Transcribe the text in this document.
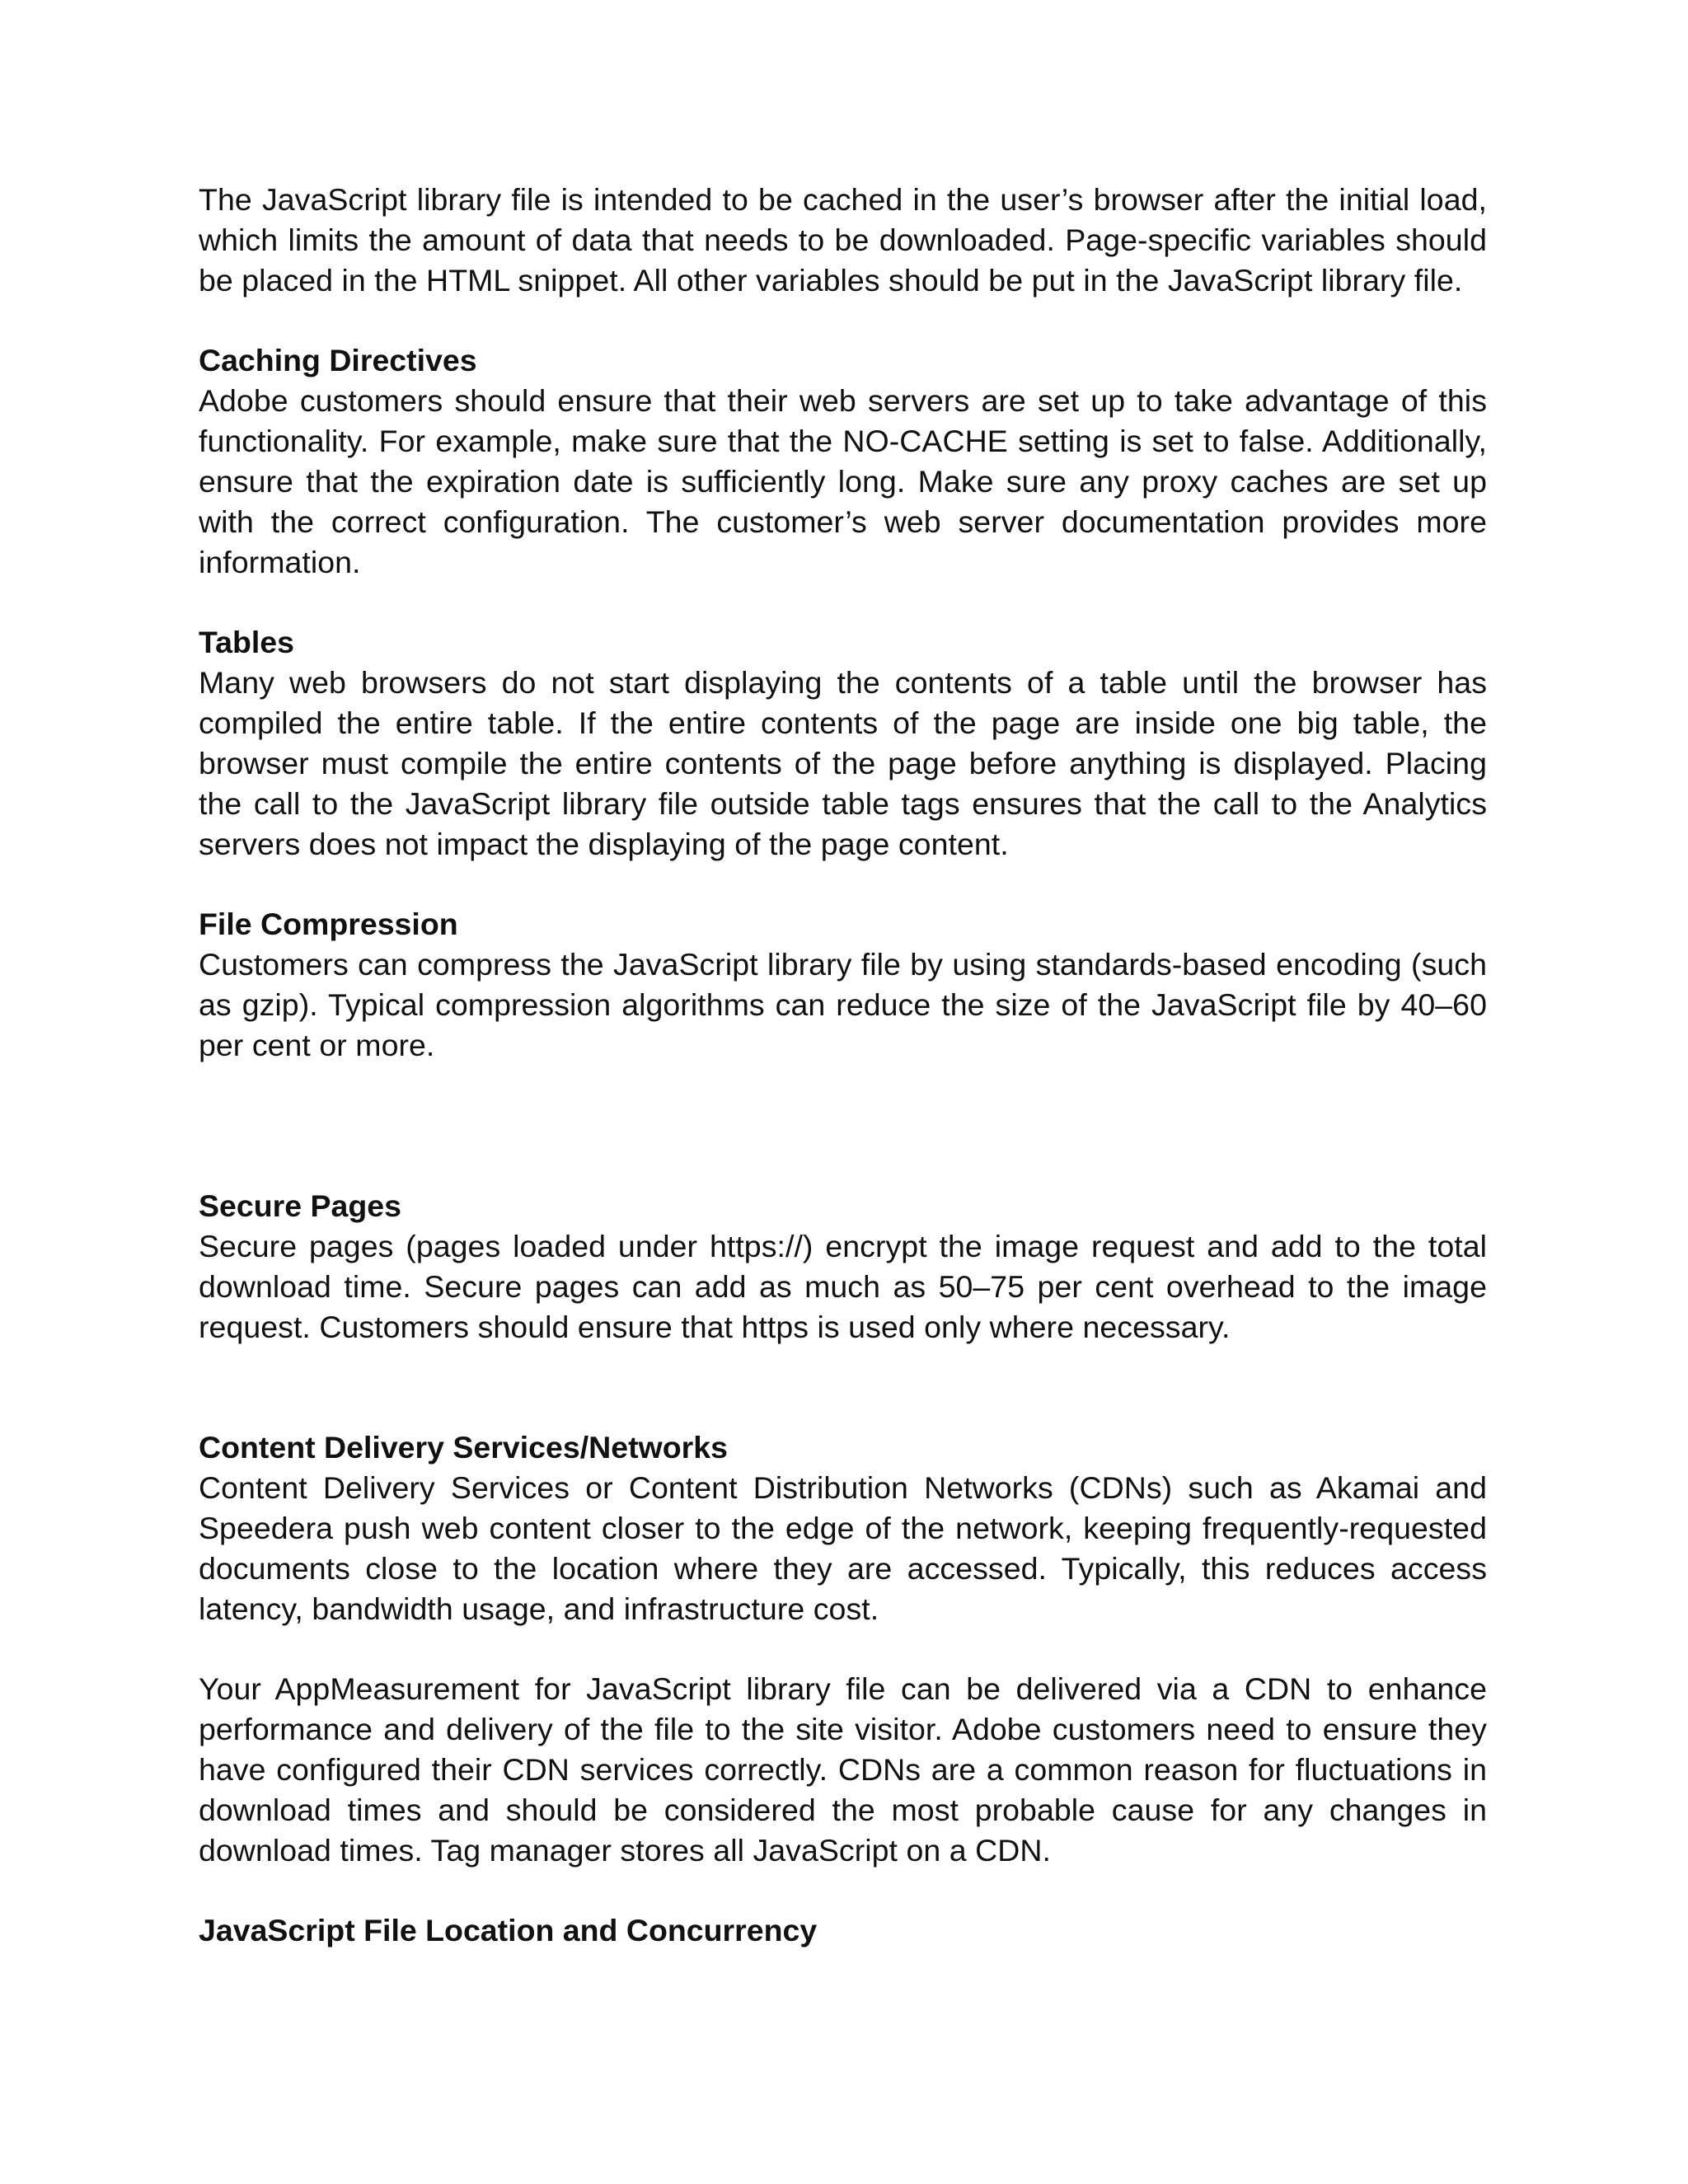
The JavaScript library file is intended to be cached in the user’s browser after the initial load, which limits the amount of data that needs to be downloaded. Page-specific variables should be placed in the HTML snippet. All other variables should be put in the JavaScript library file.

Caching Directives

Adobe customers should ensure that their web servers are set up to take advantage of this functionality. For example, make sure that the NO-CACHE setting is set to false. Additionally, ensure that the expiration date is sufficiently long. Make sure any proxy caches are set up with the correct configuration. The customer’s web server documentation provides more information.

Tables

Many web browsers do not start displaying the contents of a table until the browser has compiled the entire table. If the entire contents of the page are inside one big table, the browser must compile the entire contents of the page before anything is displayed. Placing the call to the JavaScript library file outside table tags ensures that the call to the Analytics servers does not impact the displaying of the page content.

File Compression

Customers can compress the JavaScript library file by using standards-based encoding (such as gzip). Typical compression algorithms can reduce the size of the JavaScript file by 40–60 per cent or more.

Secure Pages

Secure pages (pages loaded under https://) encrypt the image request and add to the total download time. Secure pages can add as much as 50–75 per cent overhead to the image request. Customers should ensure that https is used only where necessary.

Content Delivery Services/Networks

Content Delivery Services or Content Distribution Networks (CDNs) such as Akamai and Speedera push web content closer to the edge of the network, keeping frequently-requested documents close to the location where they are accessed. Typically, this reduces access latency, bandwidth usage, and infrastructure cost.

Your AppMeasurement for JavaScript library file can be delivered via a CDN to enhance performance and delivery of the file to the site visitor. Adobe customers need to ensure they have configured their CDN services correctly. CDNs are a common reason for fluctuations in download times and should be considered the most probable cause for any changes in download times. Tag manager stores all JavaScript on a CDN.

JavaScript File Location and Concurrency
